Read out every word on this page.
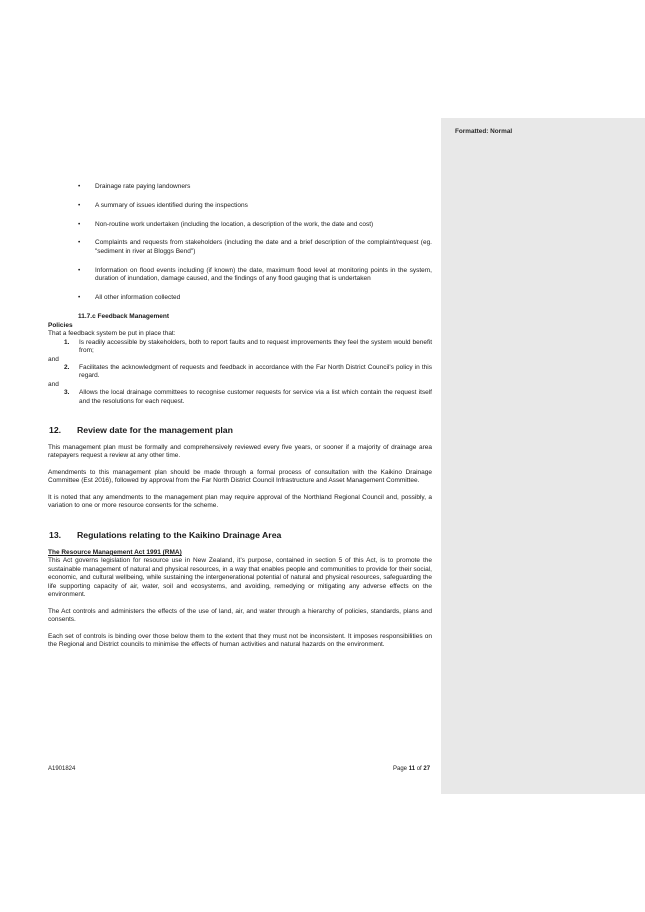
Formatted: Normal
• Drainage rate paying landowners
• A summary of issues identified during the inspections
• Non-routine work undertaken (including the location, a description of the work, the date and cost)
• Complaints and requests from stakeholders (including the date and a brief description of the complaint/request (eg. "sediment in river at Bloggs Bend")
• Information on flood events including (if known) the date, maximum flood level at monitoring points in the system, duration of inundation, damage caused, and the findings of any flood gauging that is undertaken
• All other information collected
11.7.c Feedback Management
Policies
That a feedback system be put in place that:
1. Is readily accessible by stakeholders, both to report faults and to request improvements they feel the system would benefit from;
and
2. Facilitates the acknowledgment of requests and feedback in accordance with the Far North District Council's policy in this regard.
and
3. Allows the local drainage committees to recognise customer requests for service via a list which contain the request itself and the resolutions for each request.
12. Review date for the management plan

This management plan must be formally and comprehensively reviewed every five years, or sooner if a majority of drainage area ratepayers request a review at any other time.

Amendments to this management plan should be made through a formal process of consultation with the Kaikino Drainage Committee (Est 2016), followed by approval from the Far North District Council Infrastructure and Asset Management Committee.

It is noted that any amendments to the management plan may require approval of the Northland Regional Council and, possibly, a variation to one or more resource consents for the scheme.

13. Regulations relating to the Kaikino Drainage Area
The Resource Management Act 1991 (RMA)

This Act governs legislation for resource use in New Zealand, it’s purpose, contained in section 5 of this Act, is to promote the sustainable management of natural and physical resources, in a way that enables people and communities to provide for their social, economic, and cultural wellbeing, while sustaining the intergenerational potential of natural and physical resources, safeguarding the life supporting capacity of air, water, soil and ecosystems, and avoiding, remedying or mitigating any adverse effects on the environment.

The Act controls and administers the effects of the use of land, air, and water through a hierarchy of policies, standards, plans and consents.

Each set of controls is binding over those below them to the extent that they must not be inconsistent. It imposes responsibilities on the Regional and District councils to minimise the effects of human activities and natural hazards on the environment.

A1901824	Page 11 of 27
